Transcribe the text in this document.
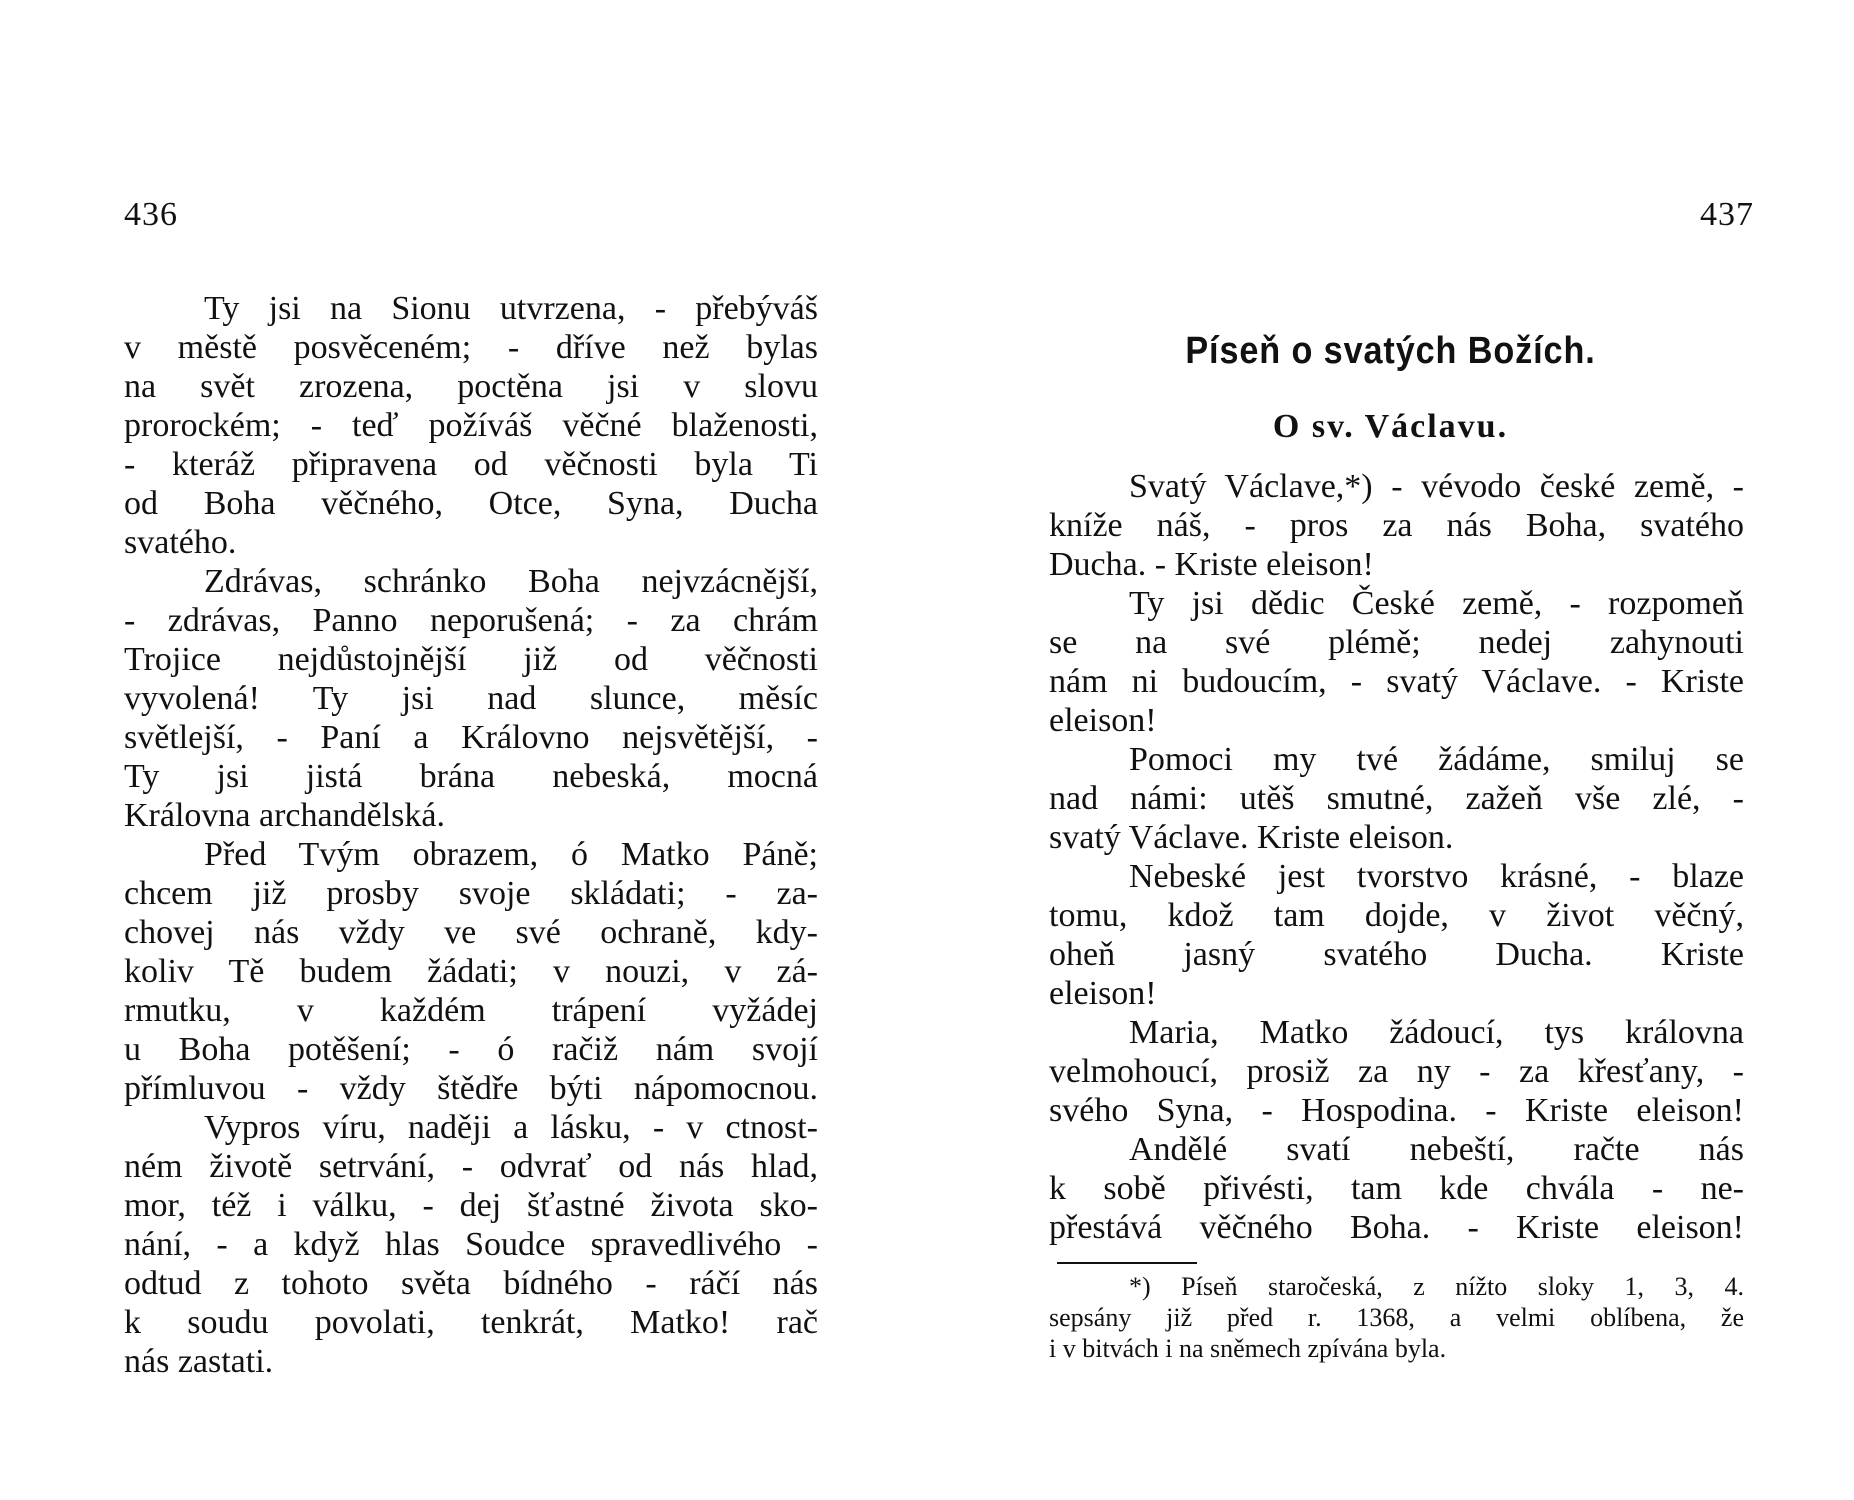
436
Ty jsi na Sionu utvrzena, - přebýváš
v městě posvěceném; - dříve než bylas
na svět zrozena, poctěna jsi v slovu
prorockém; - teď požíváš věčné blaženosti,
- kteráž připravena od věčnosti byla Ti
od Boha věčného, Otce, Syna, Ducha
svatého.
Zdrávas, schránko Boha nejvzácnější,
- zdrávas, Panno neporušená; - za chrám
Trojice nejdůstojnější již od věčnosti
vyvolená! Ty jsi nad slunce, měsíc
světlejší, - Paní a Královno nejsvětější, -
Ty jsi jistá brána nebeská, mocná
Královna archandělská.
Před Tvým obrazem, ó Matko Páně;
chcem již prosby svoje skládati; - za-
chovej nás vždy ve své ochraně, kdy-
koliv Tě budem žádati; v nouzi, v zá-
rmutku, v každém trápení vyžádej
u Boha potěšení; - ó račiž nám svojí
přímluvou - vždy štědře býti nápomocnou.
Vypros víru, naději a lásku, - v ctnost-
ném životě setrvání, - odvrať od nás hlad,
mor, též i válku, - dej šťastné života sko-
nání, - a když hlas Soudce spravedlivého -
odtud z tohoto světa bídného - ráčí nás
k soudu povolati, tenkrát, Matko! rač
nás zastati.
437
Píseň o svatých Božích.
O sv. Václavu.
Svatý Václave,*) - vévodo české země, -
kníže náš, - pros za nás Boha, svatého
Ducha. - Kriste eleison!
Ty jsi dědic České země, - rozpomeň
se na své plémě; nedej zahynouti
nám ni budoucím, - svatý Václave. - Kriste
eleison!
Pomoci my tvé žádáme, smiluj se
nad námi: utěš smutné, zažeň vše zlé, -
svatý Václave. Kriste eleison.
Nebeské jest tvorstvo krásné, - blaze
tomu, kdož tam dojde, v život věčný,
oheň jasný svatého Ducha. Kriste
eleison!
Maria, Matko žádoucí, tys královna
velmohoucí, prosiž za ny - za křesťany, -
svého Syna, - Hospodina. - Kriste eleison!
Andělé svatí nebeští, račte nás
k sobě přivésti, tam kde chvála - ne-
přestává věčného Boha. - Kriste eleison!
*) Píseň staročeská, z nížto sloky 1, 3, 4.
sepsány již před r. 1368, a velmi oblíbena, že
i v bitvách i na sněmech zpívána byla.
